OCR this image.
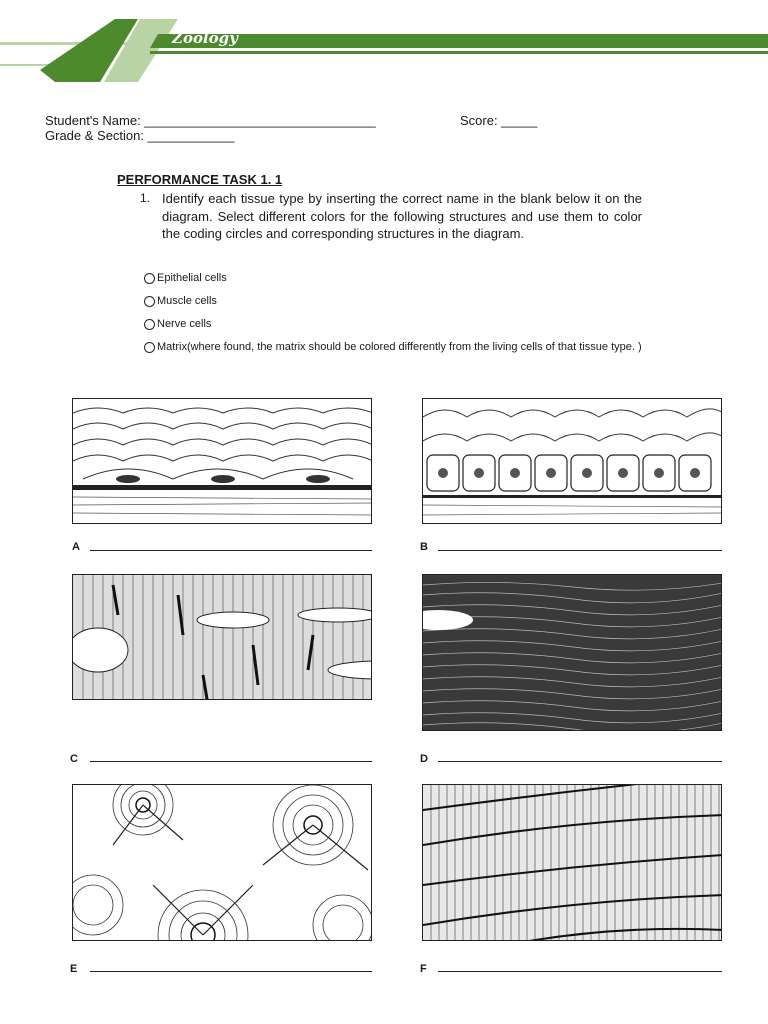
Zoology
Student's Name: ________________________________	Score: _____
Grade & Section: ____________
PERFORMANCE TASK 1. 1
1. Identify each tissue type by inserting the correct name in the blank below it on the diagram. Select different colors for the following structures and use them to color the coding circles and corresponding structures in the diagram.
Epithelial cells
Muscle cells
Nerve cells
Matrix(where found, the matrix should be colored differently from the living cells of that tissue type. )
A	B
C	D
E	F
